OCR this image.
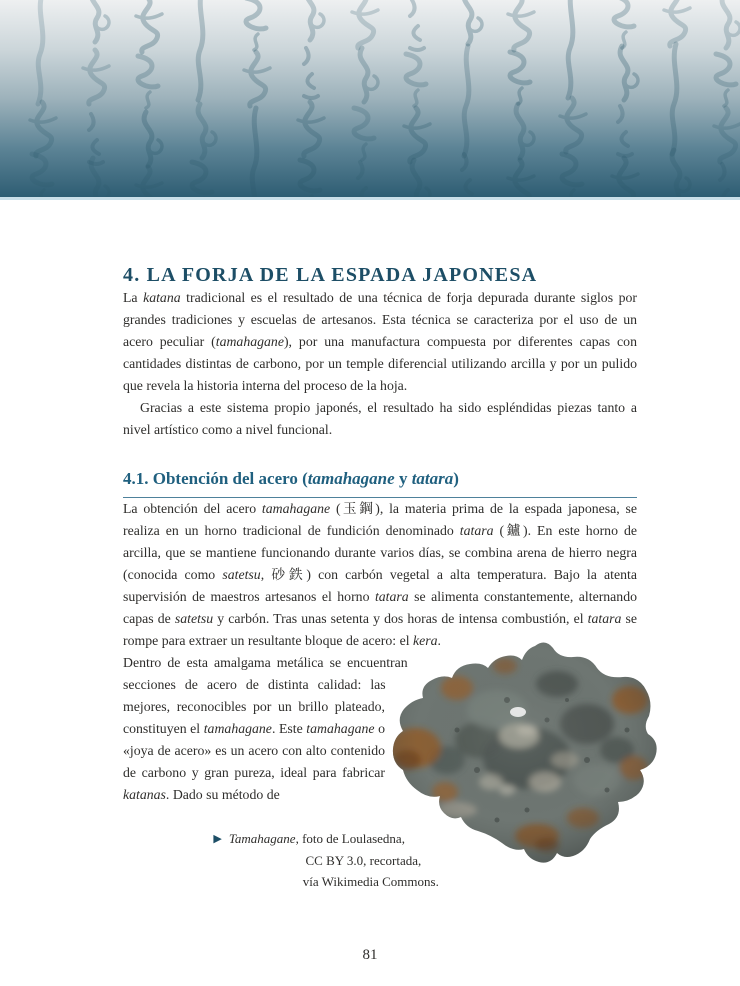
4. LA FORJA DE LA ESPADA JAPONESA

La katana tradicional es el resultado de una técnica de forja depurada durante siglos por grandes tradiciones y escuelas de artesanos. Esta técnica se caracteriza por el uso de un acero peculiar (tamahagane), por una manufactura compuesta por diferentes capas con cantidades distintas de carbono, por un temple diferencial utilizando arcilla y por un pulido que revela la historia interna del proceso de la hoja.

Gracias a este sistema propio japonés, el resultado ha sido espléndidas piezas tanto a nivel artístico como a nivel funcional.

4.1. Obtención del acero (tamahagane y tatara)

La obtención del acero tamahagane (玉鋼), la materia prima de la espada japonesa, se realiza en un horno tradicional de fundición denominado tatara (鑪). En este horno de arcilla, que se mantiene funcionando durante varios días, se combina arena de hierro negra (conocida como satetsu, 砂鉄) con carbón vegetal a alta temperatura. Bajo la atenta supervisión de maestros artesanos el horno tatara se alimenta constantemente, alternando capas de satetsu y carbón. Tras unas setenta y dos horas de intensa combustión, el tatara se rompe para extraer un resultante bloque de acero: el kera.

Dentro de esta amalgama metálica se encuentran secciones de acero de distinta calidad: las mejores, reconocibles por un brillo plateado, constituyen el tamahagane. Este tamahagane o «joya de acero» es un acero con alto contenido de carbono y gran pureza, ideal para fabricar katanas. Dado su método de

▶ Tamahagane, foto de Loulasedna,
CC BY 3.0, recortada,
vía Wikimedia Commons.
81
